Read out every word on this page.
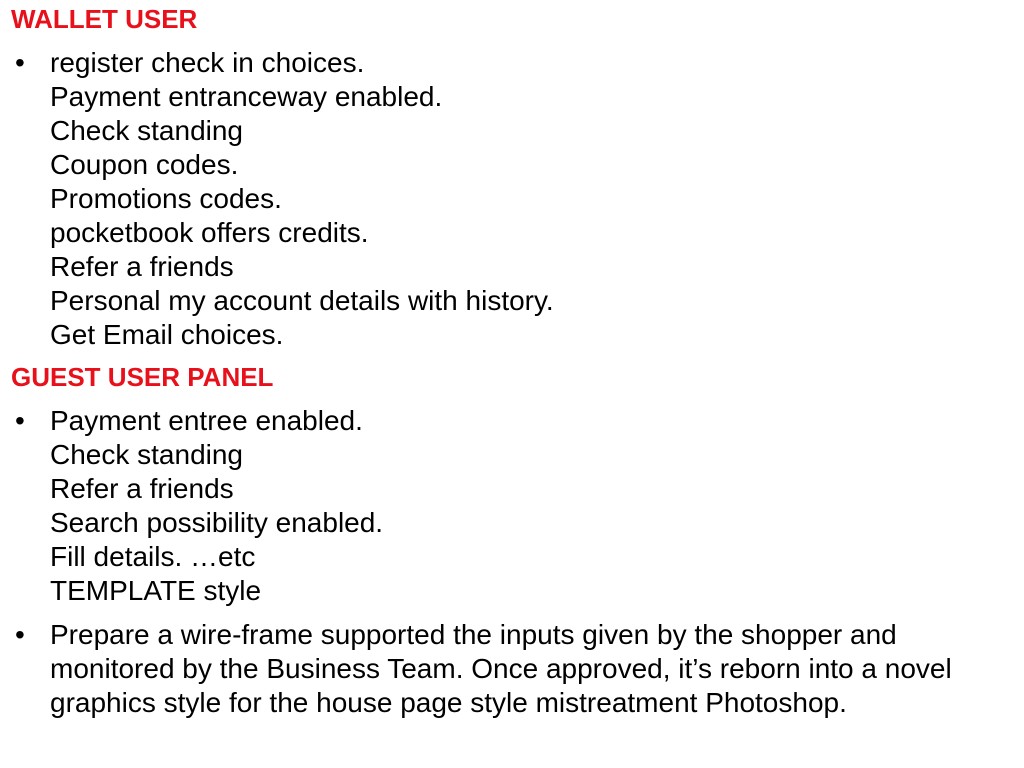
WALLET USER
• register check in choices.
Payment entranceway enabled.
Check standing
Coupon codes.
Promotions codes.
pocketbook offers credits.
Refer a friends
Personal my account details with history.
Get Email choices.
GUEST USER PANEL
• Payment entree enabled.
Check standing
Refer a friends
Search possibility enabled.
Fill details. …etc
TEMPLATE style
• Prepare a wire-frame supported the inputs given by the shopper and monitored by the Business Team. Once approved, it’s reborn into a novel graphics style for the house page style mistreatment Photoshop.
